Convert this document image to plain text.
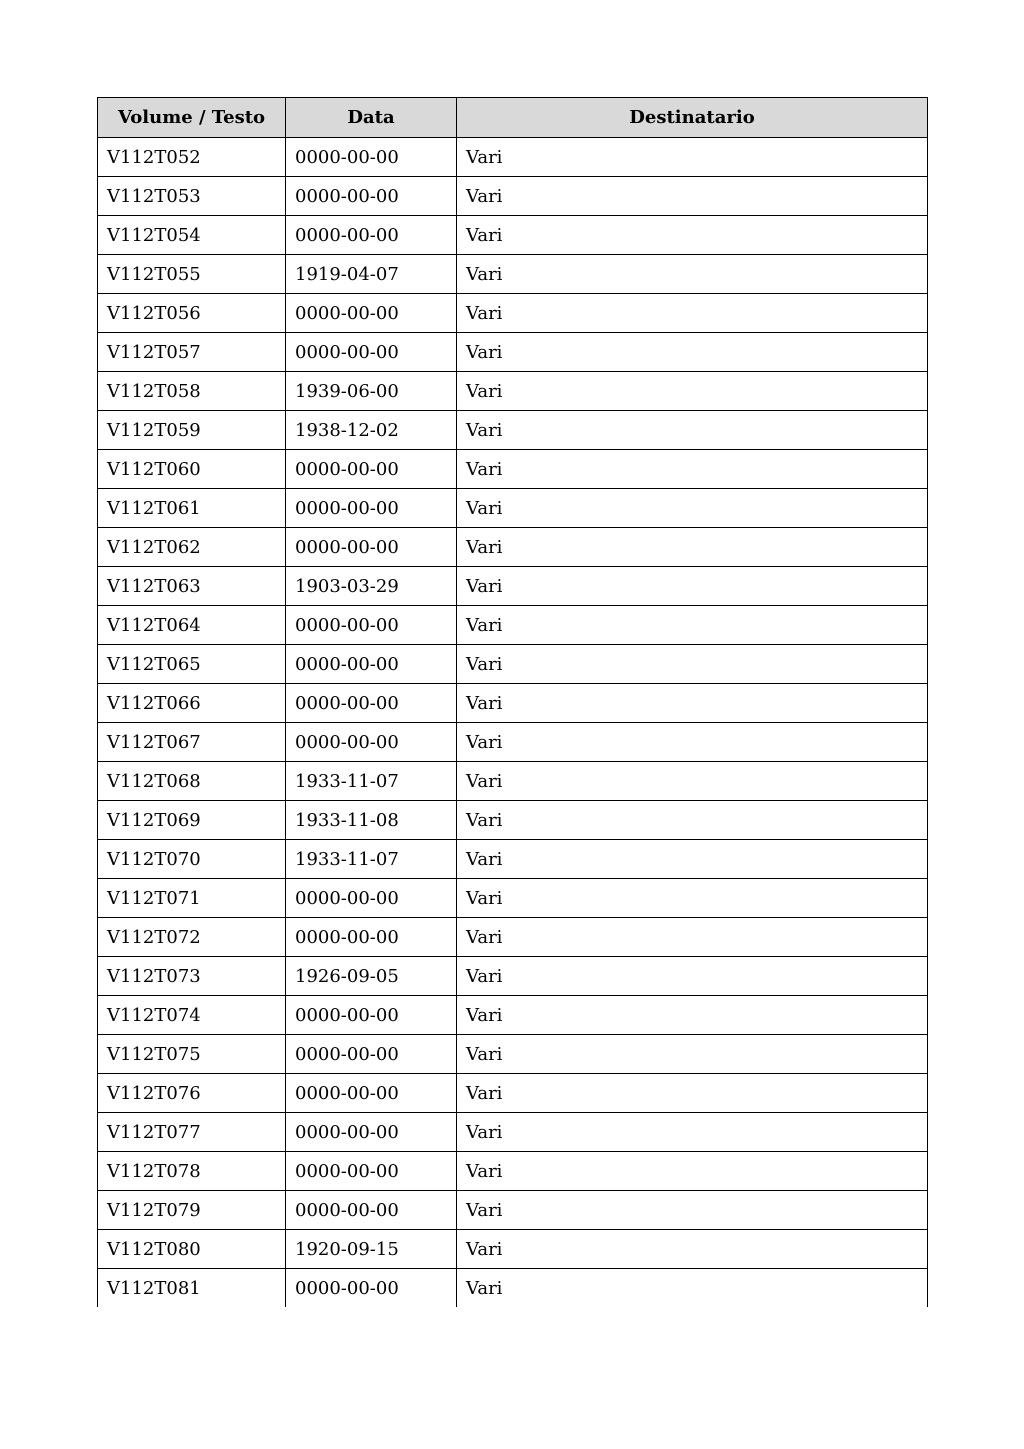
Volume / Testo	Data	Destinatario
V112T052	0000-00-00	Vari
V112T053	0000-00-00	Vari
V112T054	0000-00-00	Vari
V112T055	1919-04-07	Vari
V112T056	0000-00-00	Vari
V112T057	0000-00-00	Vari
V112T058	1939-06-00	Vari
V112T059	1938-12-02	Vari
V112T060	0000-00-00	Vari
V112T061	0000-00-00	Vari
V112T062	0000-00-00	Vari
V112T063	1903-03-29	Vari
V112T064	0000-00-00	Vari
V112T065	0000-00-00	Vari
V112T066	0000-00-00	Vari
V112T067	0000-00-00	Vari
V112T068	1933-11-07	Vari
V112T069	1933-11-08	Vari
V112T070	1933-11-07	Vari
V112T071	0000-00-00	Vari
V112T072	0000-00-00	Vari
V112T073	1926-09-05	Vari
V112T074	0000-00-00	Vari
V112T075	0000-00-00	Vari
V112T076	0000-00-00	Vari
V112T077	0000-00-00	Vari
V112T078	0000-00-00	Vari
V112T079	0000-00-00	Vari
V112T080	1920-09-15	Vari
V112T081	0000-00-00	Vari
